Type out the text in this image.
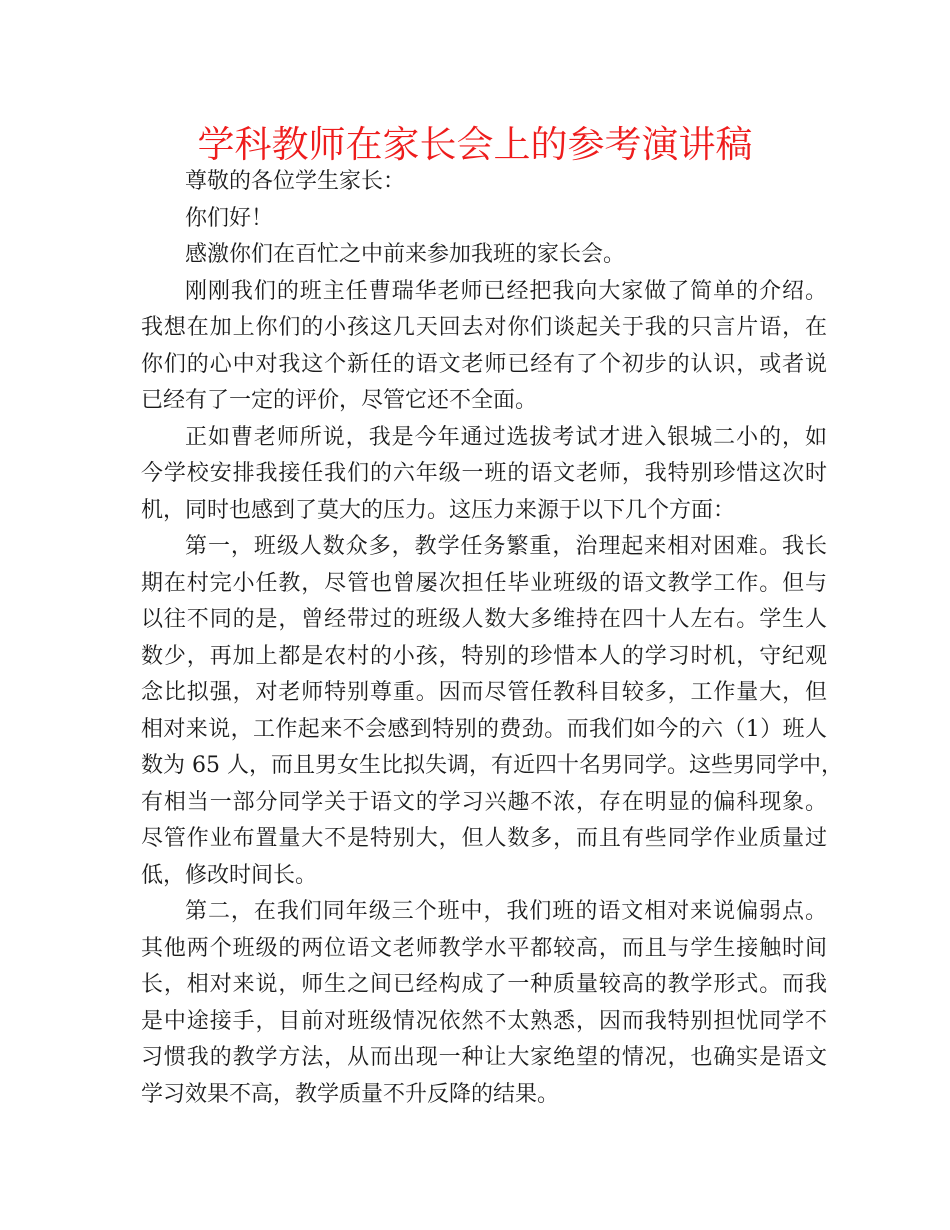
学科教师在家长会上的参考演讲稿
尊敬的各位学生家长：
你们好！
感激你们在百忙之中前来参加我班的家长会。
刚刚我们的班主任曹瑞华老师已经把我向大家做了简单的介绍。
我想在加上你们的小孩这几天回去对你们谈起关于我的只言片语，在
你们的心中对我这个新任的语文老师已经有了个初步的认识，或者说
已经有了一定的评价，尽管它还不全面。
正如曹老师所说，我是今年通过选拔考试才进入银城二小的，如
今学校安排我接任我们的六年级一班的语文老师，我特别珍惜这次时
机，同时也感到了莫大的压力。这压力来源于以下几个方面：
第一，班级人数众多，教学任务繁重，治理起来相对困难。我长
期在村完小任教，尽管也曾屡次担任毕业班级的语文教学工作。但与
以往不同的是，曾经带过的班级人数大多维持在四十人左右。学生人
数少，再加上都是农村的小孩，特别的珍惜本人的学习时机，守纪观
念比拟强，对老师特别尊重。因而尽管任教科目较多，工作量大，但
相对来说，工作起来不会感到特别的费劲。而我们如今的六（1）班人
数为 65 人，而且男女生比拟失调，有近四十名男同学。这些男同学中，
有相当一部分同学关于语文的学习兴趣不浓，存在明显的偏科现象。
尽管作业布置量大不是特别大，但人数多，而且有些同学作业质量过
低，修改时间长。
第二，在我们同年级三个班中，我们班的语文相对来说偏弱点。
其他两个班级的两位语文老师教学水平都较高，而且与学生接触时间
长，相对来说，师生之间已经构成了一种质量较高的教学形式。而我
是中途接手，目前对班级情况依然不太熟悉，因而我特别担忧同学不
习惯我的教学方法，从而出现一种让大家绝望的情况，也确实是语文
学习效果不高，教学质量不升反降的结果。
